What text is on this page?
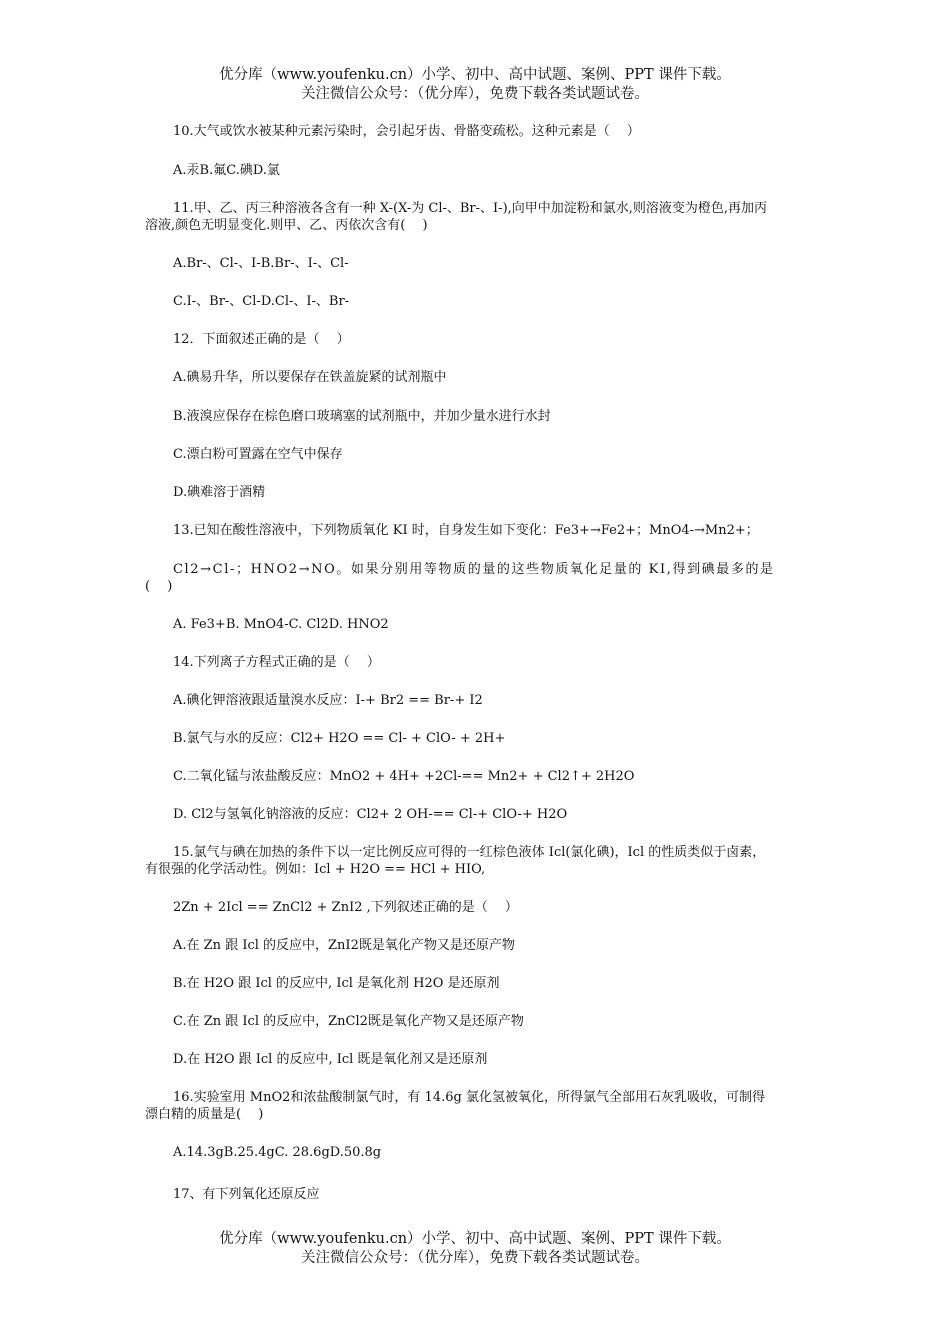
优分库（www.youfenku.cn）小学、初中、高中试题、案例、PPT 课件下载。
关注微信公众号：（优分库），免费下载各类试题试卷。
10.大气或饮水被某种元素污染时，会引起牙齿、骨骼变疏松。这种元素是（　 ）
A.汞B.氟C.碘D.氯
11.甲、乙、丙三种溶液各含有一种 X-(X-为 Cl-、Br-、I-),向甲中加淀粉和氯水,则溶液变为橙色,再加丙
溶液,颜色无明显变化.则甲、乙、丙依次含有(　 )
A.Br-、Cl-、I-B.Br-、I-、Cl-
C.I-、Br-、Cl-D.Cl-、I-、Br-
12．下面叙述正确的是（　 ）
A.碘易升华，所以要保存在铁盖旋紧的试剂瓶中
B.液溴应保存在棕色磨口玻璃塞的试剂瓶中，并加少量水进行水封
C.漂白粉可置露在空气中保存
D.碘难溶于酒精
13.已知在酸性溶液中，下列物质氧化 KI 时，自身发生如下变化：Fe3+→Fe2+；MnO4-→Mn2+；
Cl2→Cl-；HNO2→NO。如果分别用等物质的量的这些物质氧化足量的 KI,得到碘最多的是
(　 )
A. Fe3+B. MnO4-C. Cl2D. HNO2
14.下列离子方程式正确的是（　 ）
A.碘化钾溶液跟适量溴水反应：I-+ Br2 == Br-+ I2
B.氯气与水的反应：Cl2+ H2O == Cl- + ClO- + 2H+
C.二氧化锰与浓盐酸反应：MnO2 + 4H+ +2Cl-== Mn2+ + Cl2↑+ 2H2O
D. Cl2与氢氧化钠溶液的反应：Cl2+ 2 OH-== Cl-+ ClO-+ H2O
15.氯气与碘在加热的条件下以一定比例反应可得的一红棕色液体 Icl(氯化碘)，Icl 的性质类似于卤素，
有很强的化学活动性。例如：Icl + H2O == HCl + HIO,
2Zn + 2Icl == ZnCl2 + ZnI2 ,下列叙述正确的是（　 ）
A.在 Zn 跟 Icl 的反应中，ZnI2既是氧化产物又是还原产物
B.在 H2O 跟 Icl 的反应中, Icl 是氧化剂 H2O 是还原剂
C.在 Zn 跟 Icl 的反应中，ZnCl2既是氧化产物又是还原产物
D.在 H2O 跟 Icl 的反应中, Icl 既是氧化剂又是还原剂
16.实验室用 MnO2和浓盐酸制氯气时，有 14.6g 氯化氢被氧化，所得氯气全部用石灰乳吸收，可制得
漂白精的质量是(　 )
A.14.3gB.25.4gC. 28.6gD.50.8g
17、有下列氧化还原反应
优分库（www.youfenku.cn）小学、初中、高中试题、案例、PPT 课件下载。
关注微信公众号：（优分库），免费下载各类试题试卷。
